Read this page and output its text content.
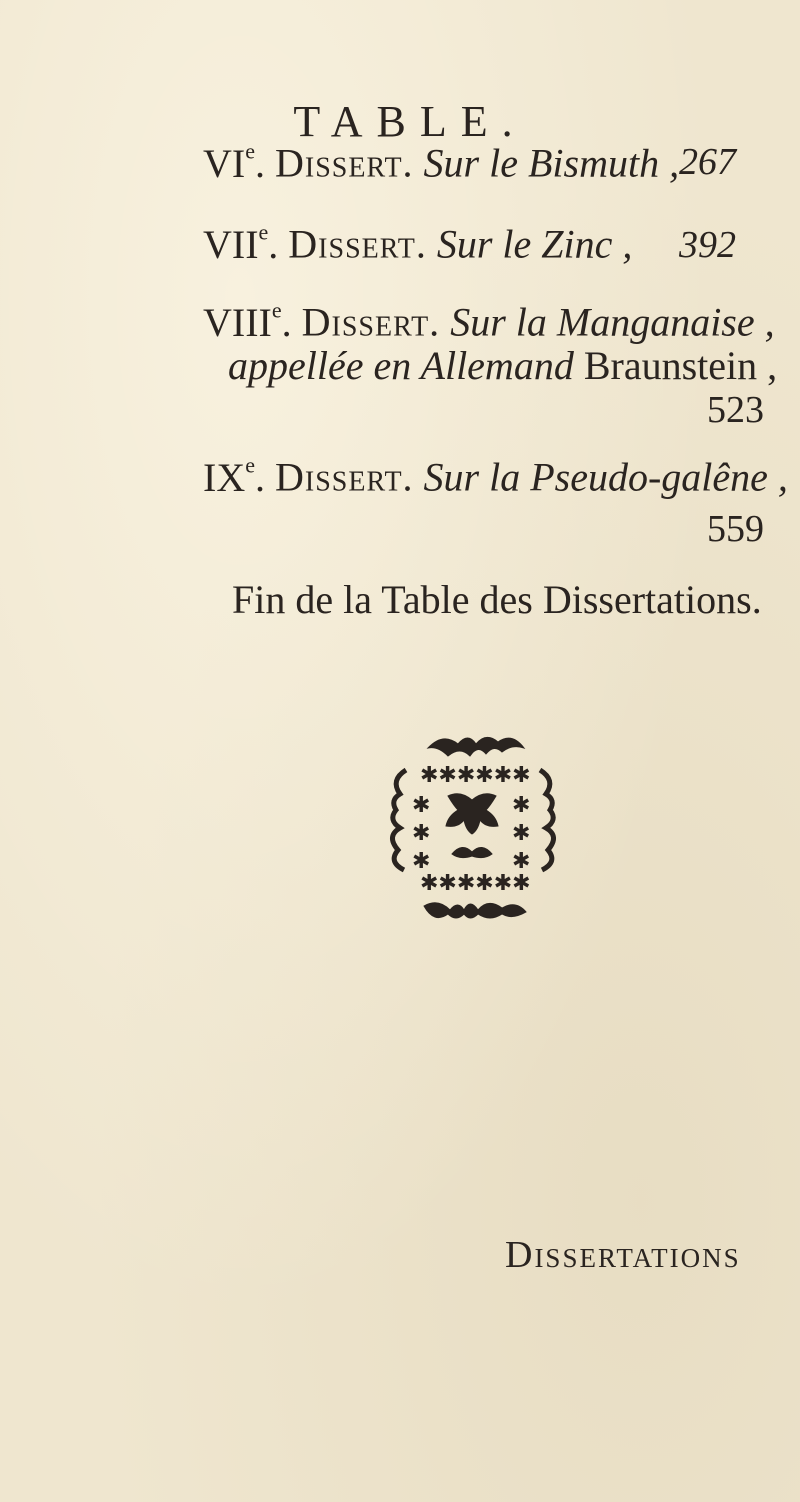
TABLE.
VIe. Dissert. Sur le Bismuth , 267
VIIe. Dissert. Sur le Zinc , 392
VIIIe. Dissert. Sur la Manganaise ,
appellée en Allemand Braunstein ,
523
IXe. Dissert. Sur la Pseudo-galêne ,
559
Fin de la Table des Dissertations.
✱✱✱✱✱✱
✱✱✱✱✱✱
✱	✱
✱	✱
✱	✱
Dissertations
